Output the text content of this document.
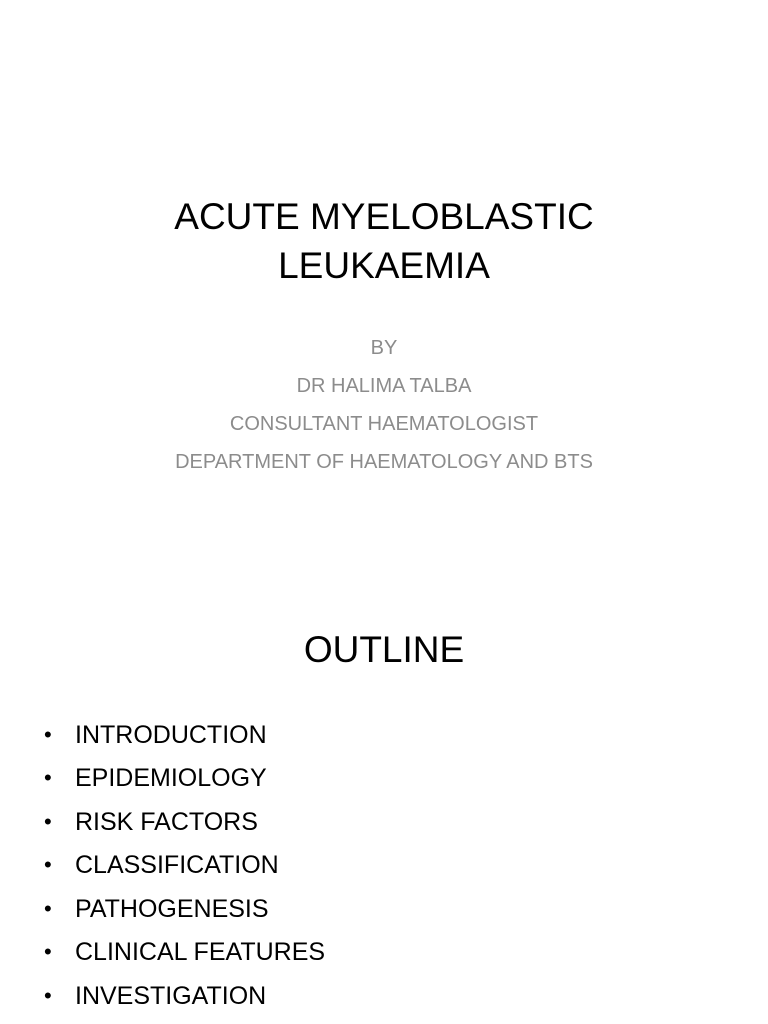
ACUTE MYELOBLASTIC
LEUKAEMIA
BY
DR HALIMA TALBA
CONSULTANT HAEMATOLOGIST
DEPARTMENT OF HAEMATOLOGY AND BTS
OUTLINE
• INTRODUCTION
• EPIDEMIOLOGY
• RISK FACTORS
• CLASSIFICATION
• PATHOGENESIS
• CLINICAL FEATURES
• INVESTIGATION
